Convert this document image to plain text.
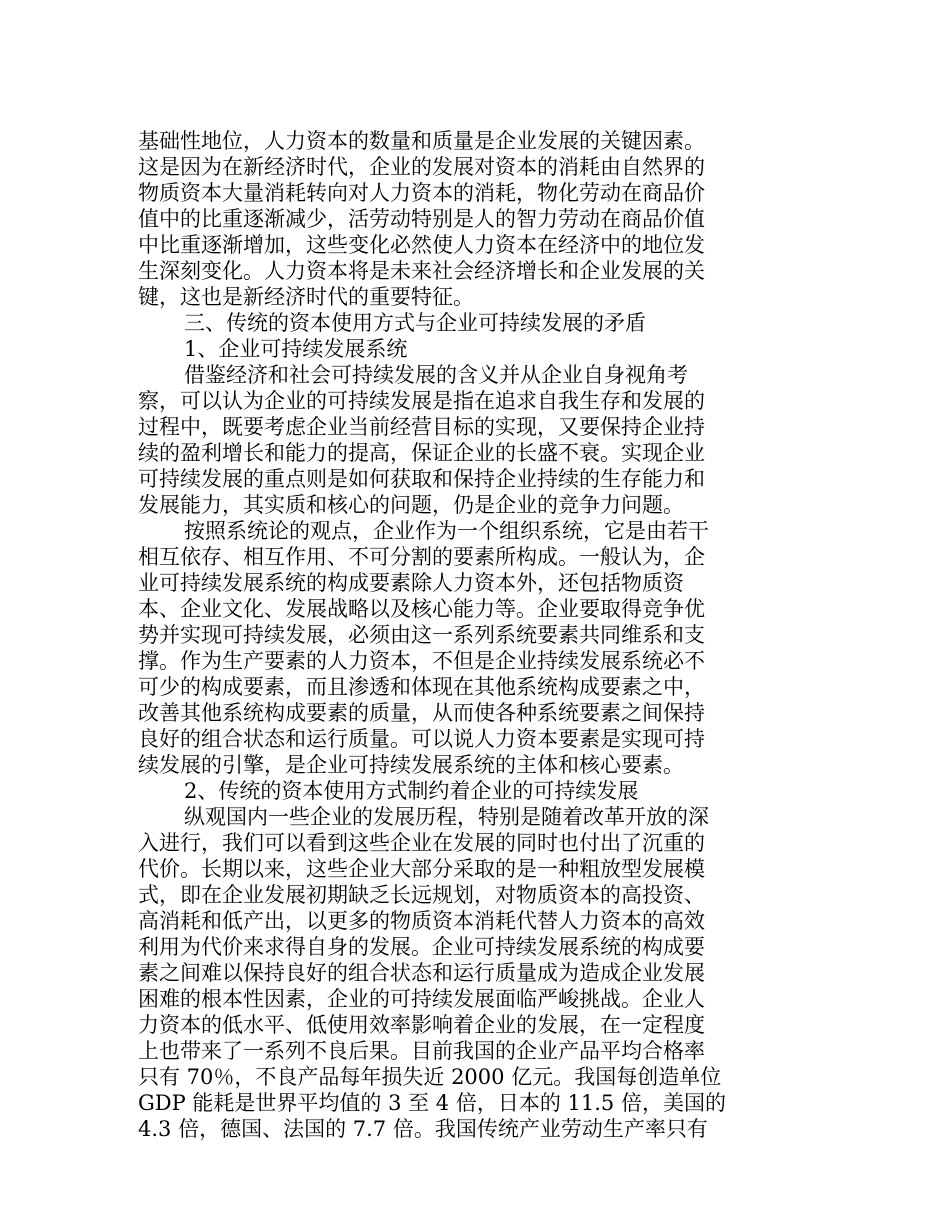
基础性地位，人力资本的数量和质量是企业发展的关键因素。
这是因为在新经济时代，企业的发展对资本的消耗由自然界的
物质资本大量消耗转向对人力资本的消耗，物化劳动在商品价
值中的比重逐渐减少，活劳动特别是人的智力劳动在商品价值
中比重逐渐增加，这些变化必然使人力资本在经济中的地位发
生深刻变化。人力资本将是未来社会经济增长和企业发展的关
键，这也是新经济时代的重要特征。
三、传统的资本使用方式与企业可持续发展的矛盾
1、企业可持续发展系统
借鉴经济和社会可持续发展的含义并从企业自身视角考
察，可以认为企业的可持续发展是指在追求自我生存和发展的
过程中，既要考虑企业当前经营目标的实现，又要保持企业持
续的盈利增长和能力的提高，保证企业的长盛不衰。实现企业
可持续发展的重点则是如何获取和保持企业持续的生存能力和
发展能力，其实质和核心的问题，仍是企业的竞争力问题。
按照系统论的观点，企业作为一个组织系统，它是由若干
相互依存、相互作用、不可分割的要素所构成。一般认为，企
业可持续发展系统的构成要素除人力资本外，还包括物质资
本、企业文化、发展战略以及核心能力等。企业要取得竞争优
势并实现可持续发展，必须由这一系列系统要素共同维系和支
撑。作为生产要素的人力资本，不但是企业持续发展系统必不
可少的构成要素，而且渗透和体现在其他系统构成要素之中，
改善其他系统构成要素的质量，从而使各种系统要素之间保持
良好的组合状态和运行质量。可以说人力资本要素是实现可持
续发展的引擎，是企业可持续发展系统的主体和核心要素。
2、传统的资本使用方式制约着企业的可持续发展
纵观国内一些企业的发展历程，特别是随着改革开放的深
入进行，我们可以看到这些企业在发展的同时也付出了沉重的
代价。长期以来，这些企业大部分采取的是一种粗放型发展模
式，即在企业发展初期缺乏长远规划，对物质资本的高投资、
高消耗和低产出，以更多的物质资本消耗代替人力资本的高效
利用为代价来求得自身的发展。企业可持续发展系统的构成要
素之间难以保持良好的组合状态和运行质量成为造成企业发展
困难的根本性因素，企业的可持续发展面临严峻挑战。企业人
力资本的低水平、低使用效率影响着企业的发展，在一定程度
上也带来了一系列不良后果。目前我国的企业产品平均合格率
只有 70％，不良产品每年损失近 2000 亿元。我国每创造单位
GDP 能耗是世界平均值的 3 至 4 倍，日本的 11.5 倍，美国的
4.3 倍，德国、法国的 7.7 倍。我国传统产业劳动生产率只有
